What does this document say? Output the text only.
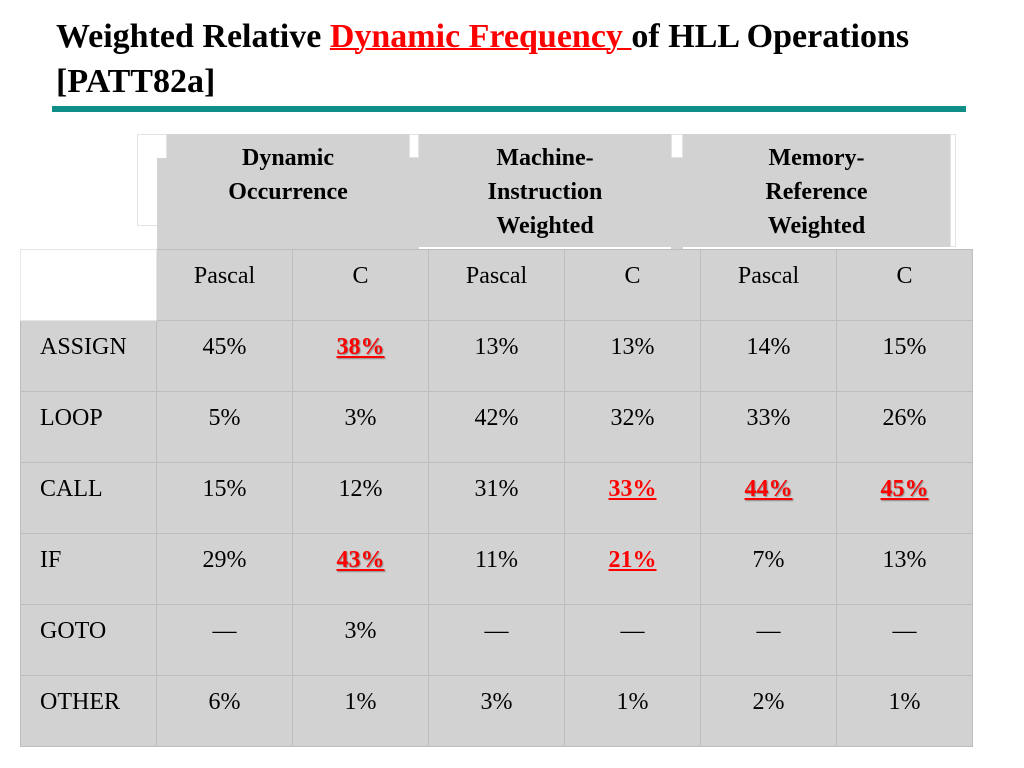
Weighted Relative Dynamic Frequency of HLL Operations [PATT82a]
Dynamic Occurrence
Machine-Instruction Weighted
Memory-Reference Weighted
	Pascal	C	Pascal	C	Pascal	C

ASSIGN	45%	38%	13%	13%	14%	15%
LOOP	5%	3%	42%	32%	33%	26%
CALL	15%	12%	31%	33%	44%	45%
IF	29%	43%	11%	21%	7%	13%
GOTO	—	3%	—	—	—	—
OTHER	6%	1%	3%	1%	2%	1%
